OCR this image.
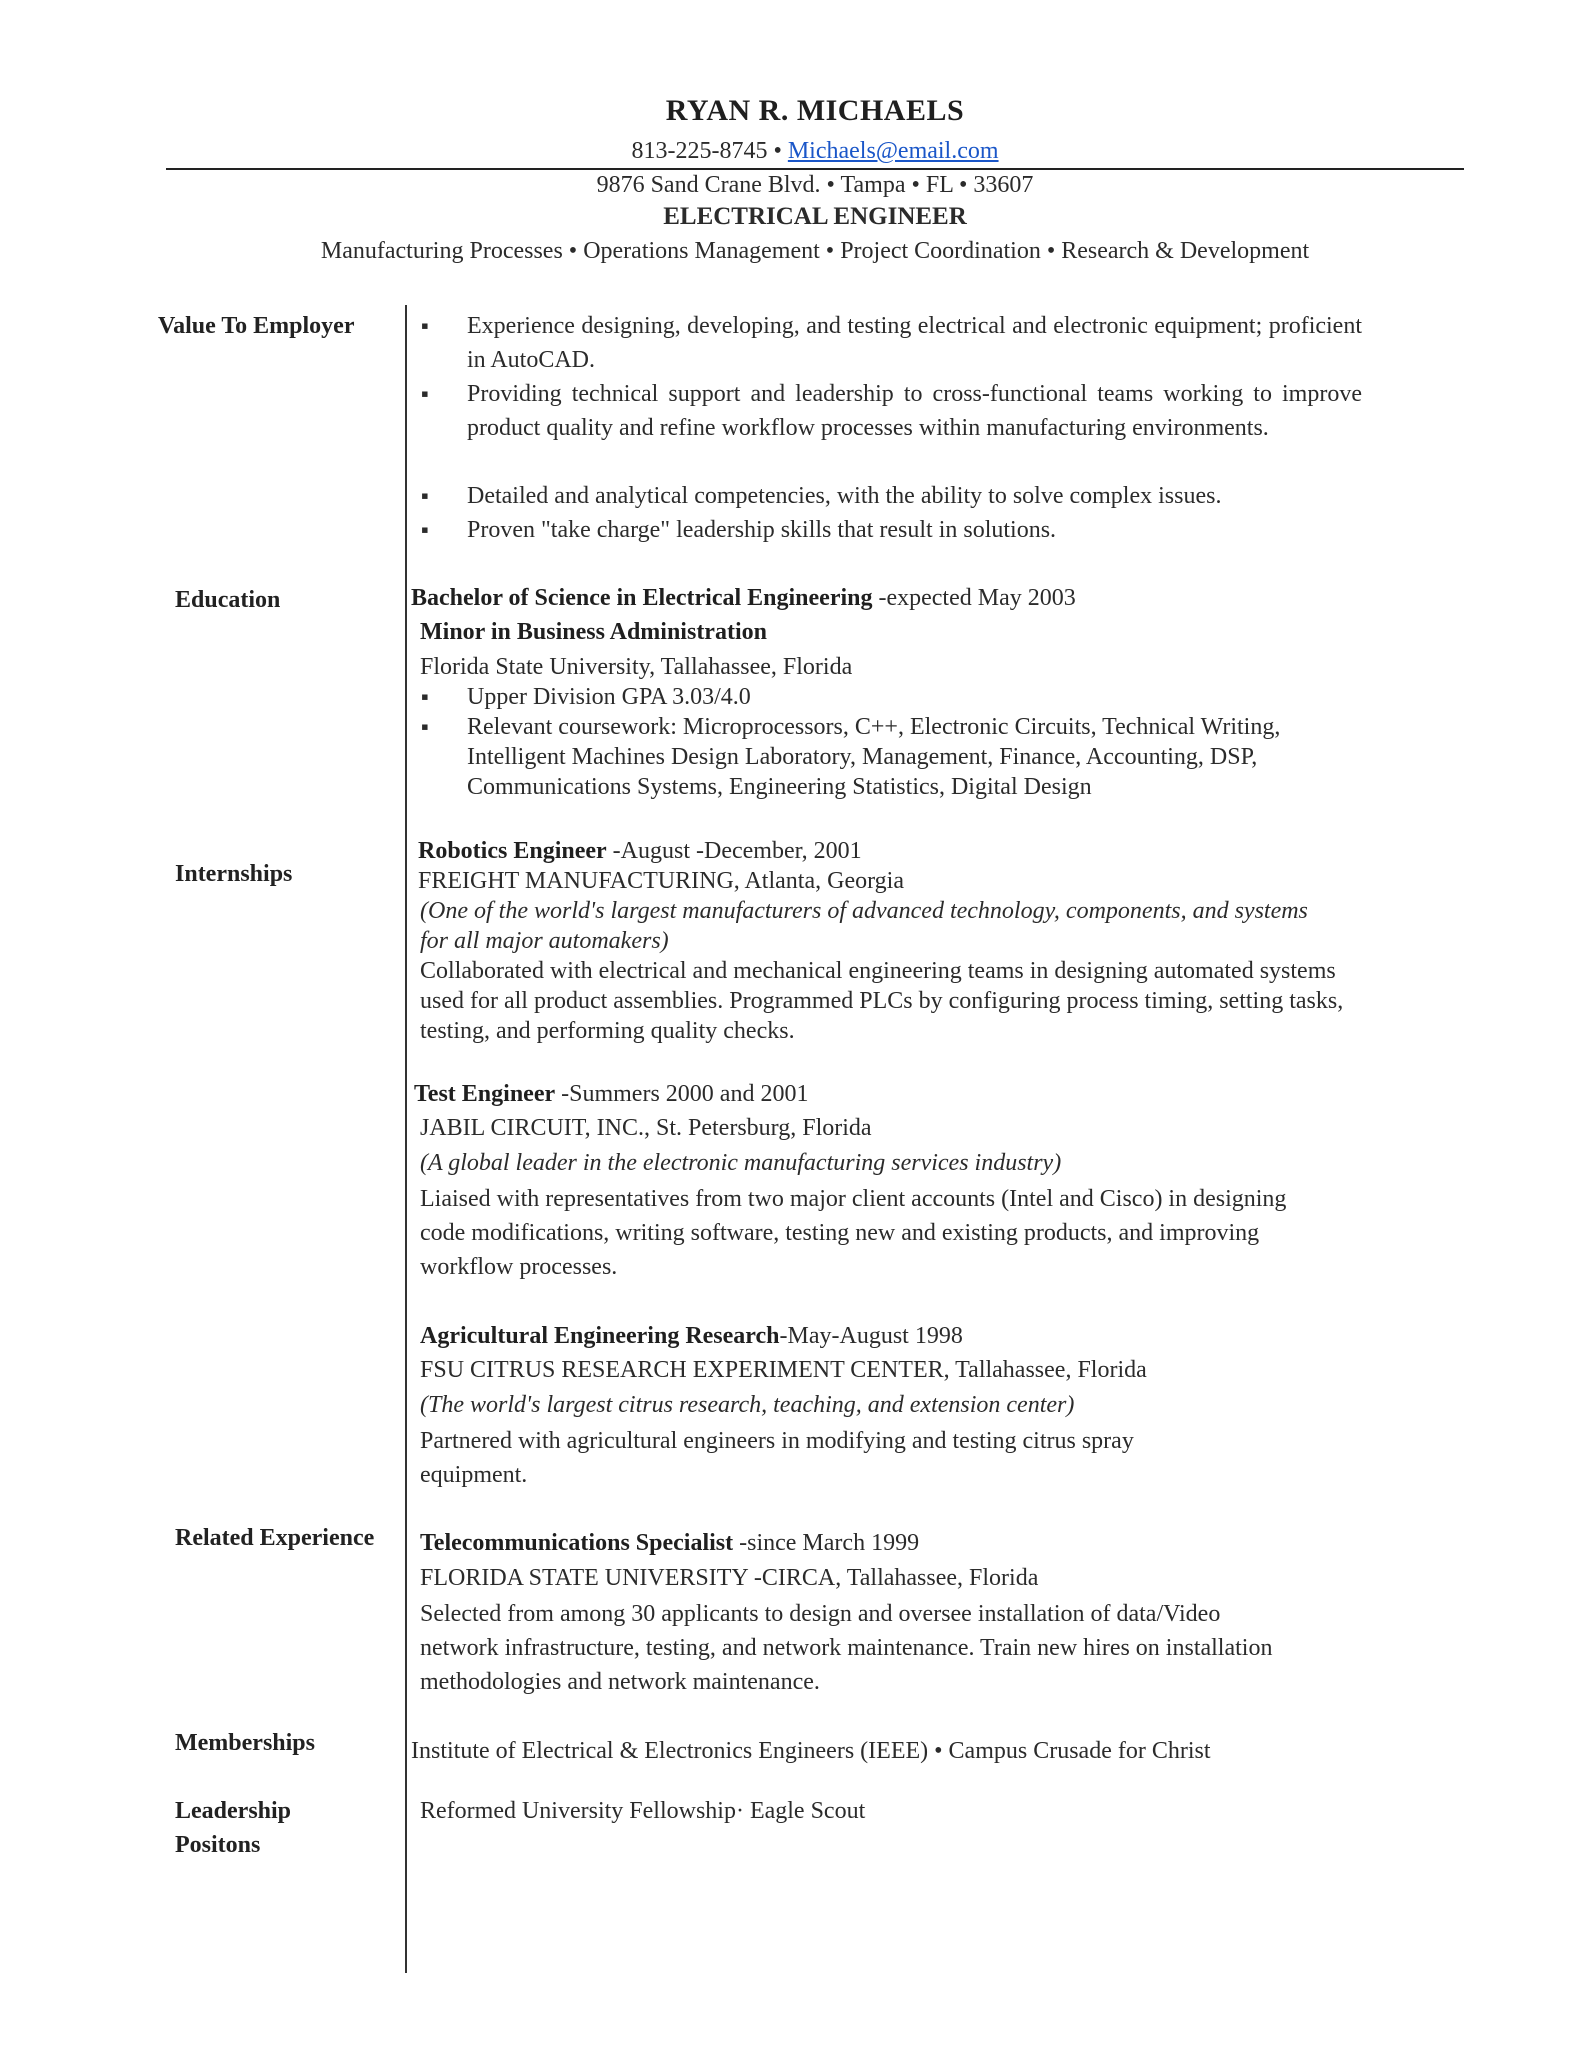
RYAN R. MICHAELS
813-225-8745 • Michaels@email.com
9876 Sand Crane Blvd. • Tampa • FL • 33607
ELECTRICAL ENGINEER
Manufacturing Processes • Operations Management • Project Coordination • Research & Development
Value To Employer
Education
Internships
Related Experience
Memberships
Leadership
Positons
▪ Experience designing, developing, and testing electrical and electronic equipment; proficient in AutoCAD.
▪ Providing technical support and leadership to cross-functional teams working to improve product quality and refine workflow processes within manufacturing environments.
▪ Detailed and analytical competencies, with the ability to solve complex issues.
▪ Proven "take charge" leadership skills that result in solutions.
Bachelor of Science in Electrical Engineering -expected May 2003
Minor in Business Administration
Florida State University, Tallahassee, Florida
▪ Upper Division GPA 3.03/4.0
▪ Relevant coursework: Microprocessors, C++, Electronic Circuits, Technical Writing, Intelligent Machines Design Laboratory, Management, Finance, Accounting, DSP, Communications Systems, Engineering Statistics, Digital Design
Robotics Engineer -August -December, 2001
FREIGHT MANUFACTURING, Atlanta, Georgia
(One of the world's largest manufacturers of advanced technology, components, and systems for all major automakers)
Collaborated with electrical and mechanical engineering teams in designing automated systems used for all product assemblies. Programmed PLCs by configuring process timing, setting tasks, testing, and performing quality checks.
Test Engineer -Summers 2000 and 2001
JABIL CIRCUIT, INC., St. Petersburg, Florida
(A global leader in the electronic manufacturing services industry)
Liaised with representatives from two major client accounts (Intel and Cisco) in designing code modifications, writing software, testing new and existing products, and improving workflow processes.
Agricultural Engineering Research-May-August 1998
FSU CITRUS RESEARCH EXPERIMENT CENTER, Tallahassee, Florida
(The world's largest citrus research, teaching, and extension center)
Partnered with agricultural engineers in modifying and testing citrus spray equipment.
Telecommunications Specialist -since March 1999
FLORIDA STATE UNIVERSITY -CIRCA, Tallahassee, Florida
Selected from among 30 applicants to design and oversee installation of data/Video network infrastructure, testing, and network maintenance. Train new hires on installation methodologies and network maintenance.
Institute of Electrical & Electronics Engineers (IEEE) • Campus Crusade for Christ
Reformed University Fellowship· Eagle Scout
